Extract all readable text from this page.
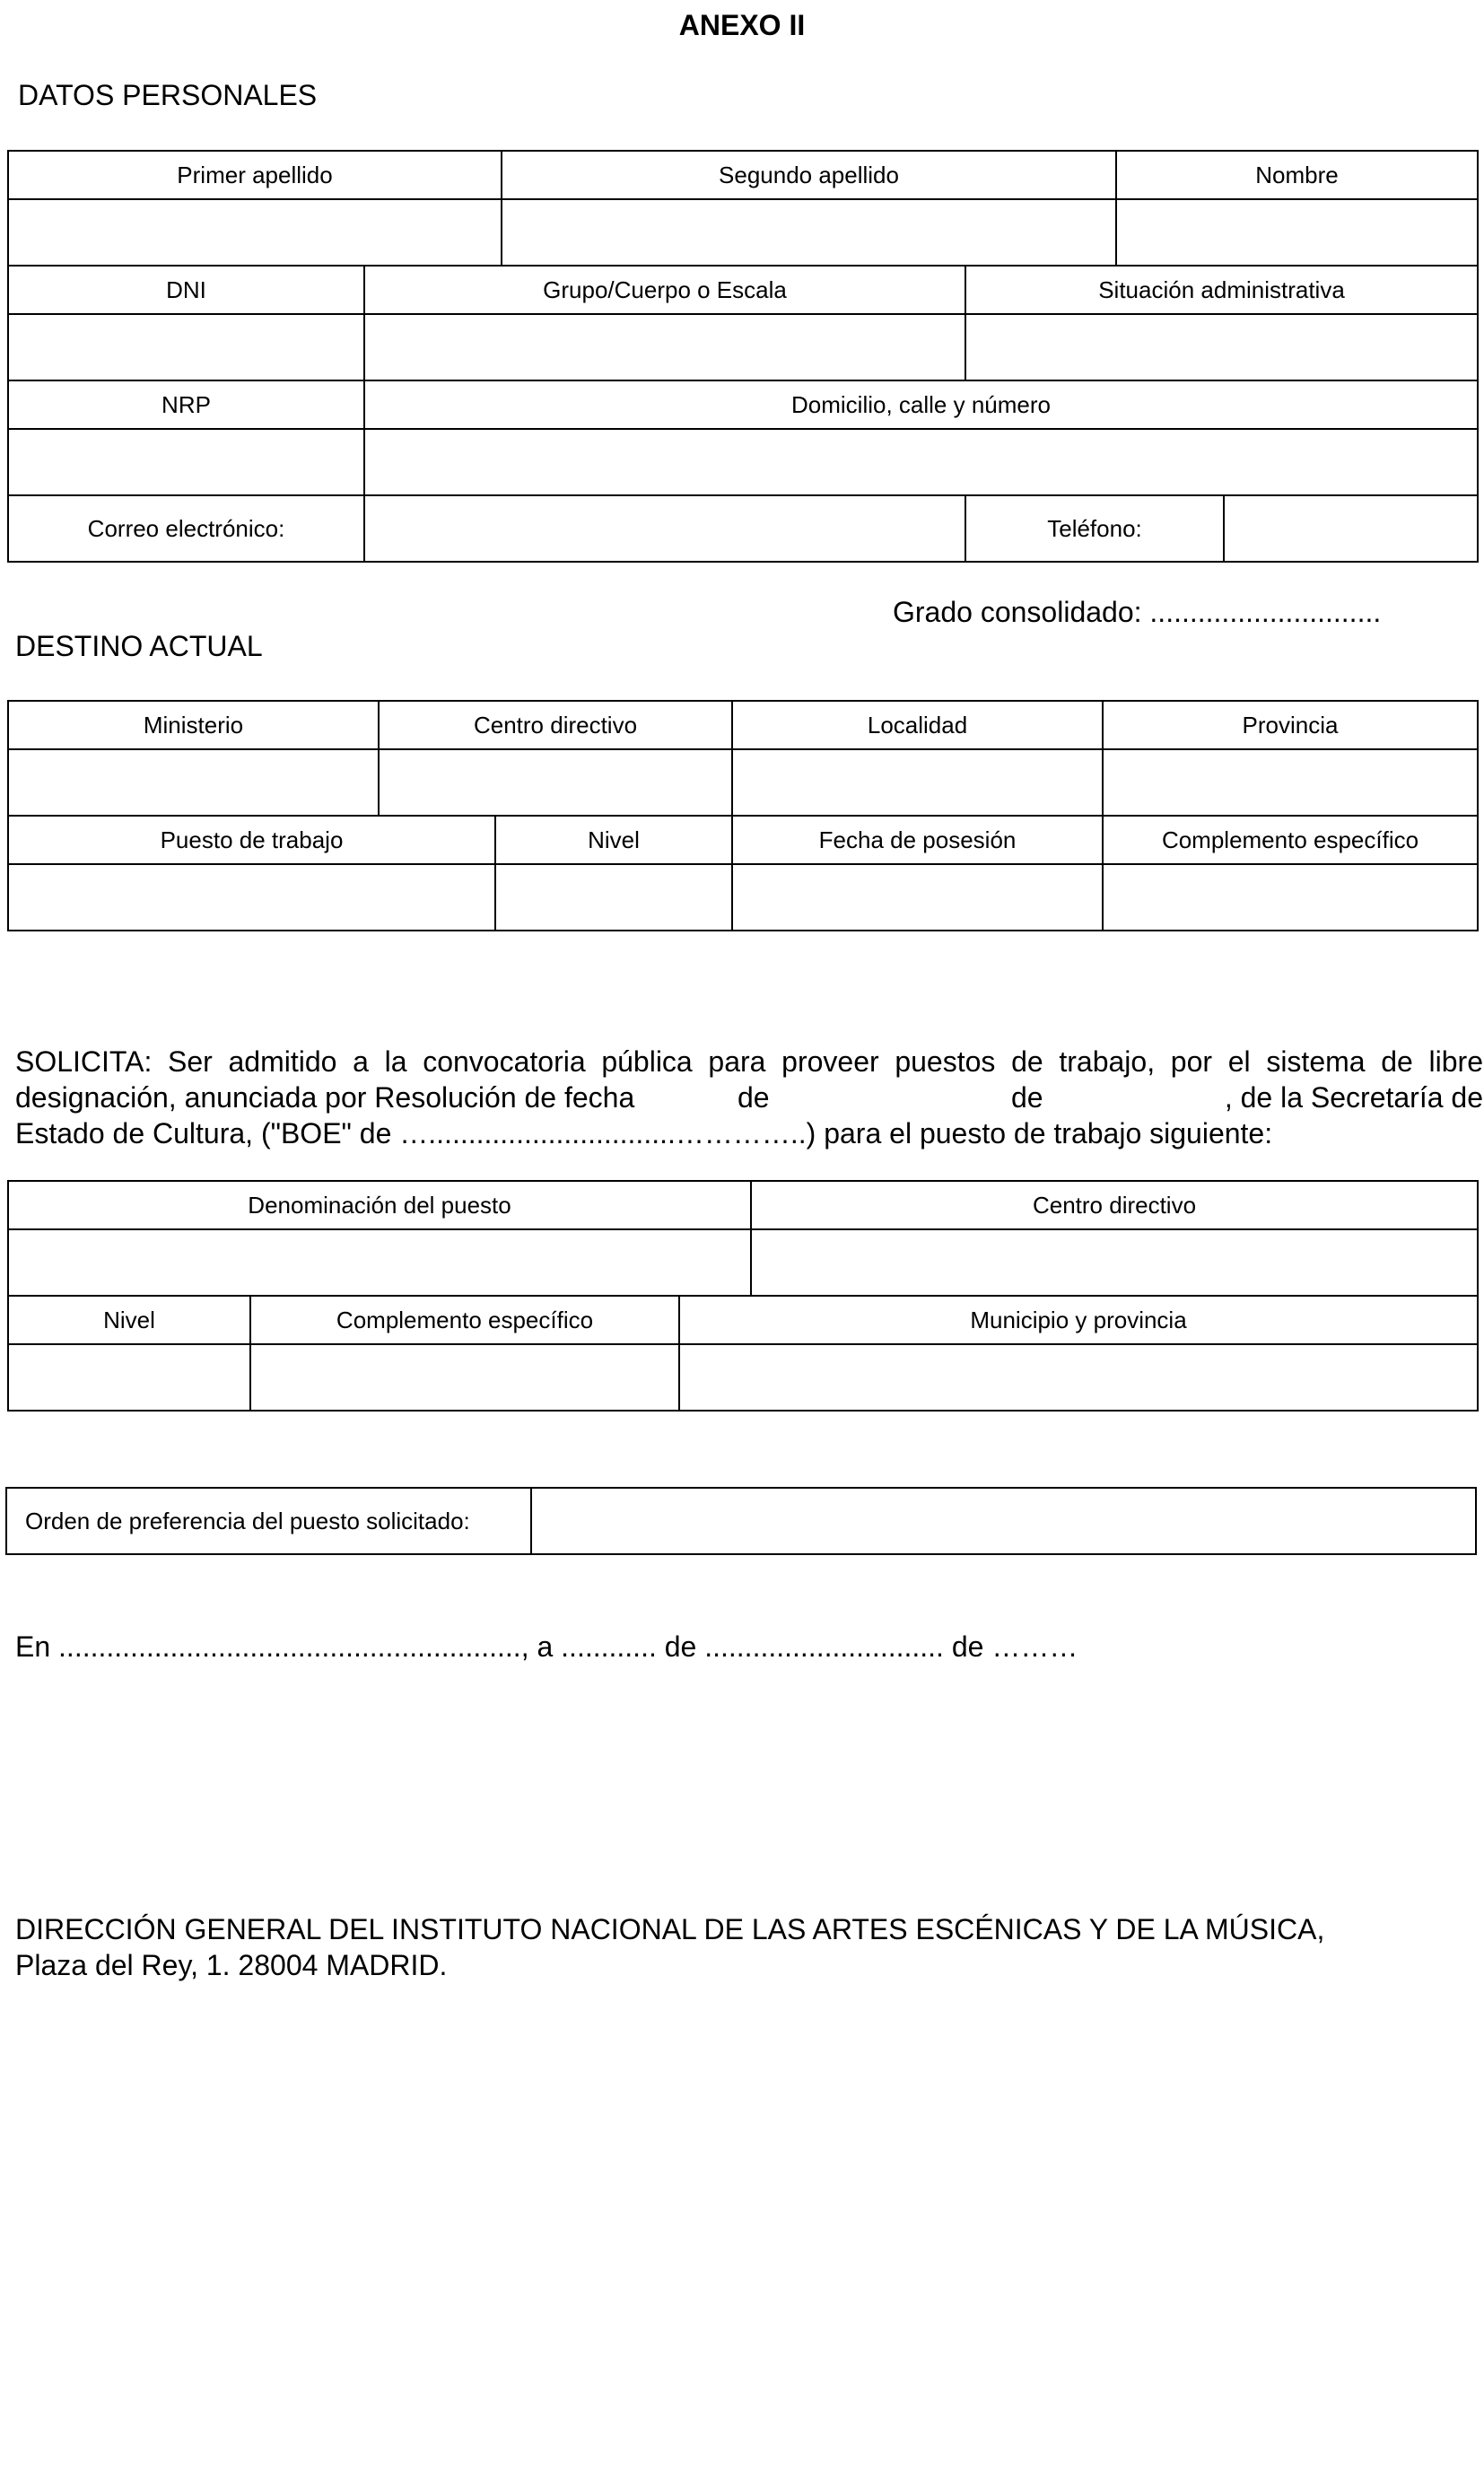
ANEXO II
DATOS PERSONALES
Primer apellido		Segundo apellido		Nombre	

DNI	Grupo/Cuerpo o Escala		Situación administrativa		

NRP	Domicilio, calle y número				

Correo electrónico:			Teléfono:		
Grado consolidado: .............................
DESTINO ACTUAL
Ministerio	Centro directivo		Localidad	Provincia

Puesto de trabajo		Nivel	Fecha de posesión	Complemento específico

SOLICITA: Ser admitido a la convocatoria pública para proveer puestos de trabajo, por el sistema de libre
designación, anunciada por Resolución de fecha	de	de	, de la Secretaría de
Estado de Cultura, ("BOE" de …...............................…………..) para el puesto de trabajo siguiente:
Denominación del puesto			Centro directivo

Nivel	Complemento específico	Municipio y provincia	

Orden de preferencia del puesto solicitado:	
En .........................................................., a ............ de .............................. de ………
DIRECCIÓN GENERAL DEL INSTITUTO NACIONAL DE LAS ARTES ESCÉNICAS Y DE LA MÚSICA,
Plaza del Rey, 1. 28004 MADRID.
